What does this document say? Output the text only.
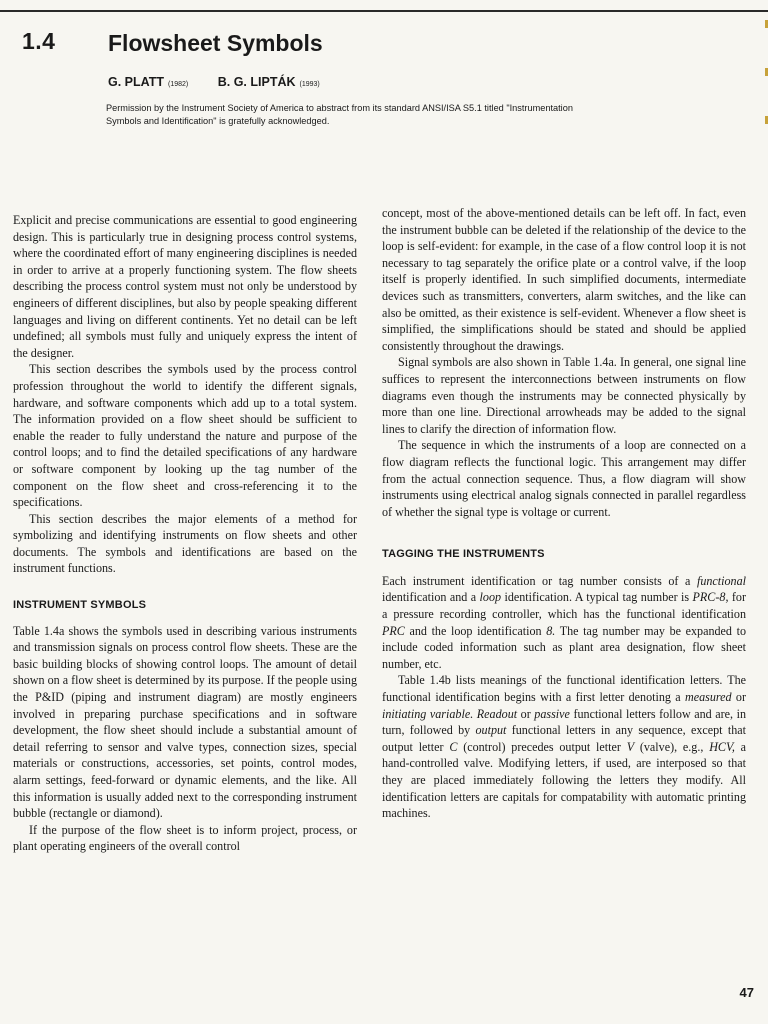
1.4 Flowsheet Symbols
G. PLATT (1982) B. G. LIPTÁK (1993)
Permission by the Instrument Society of America to abstract from its standard ANSI/ISA S5.1 titled "Instrumentation Symbols and Identification" is gratefully acknowledged.

Explicit and precise communications are essential to good engineering design. This is particularly true in designing process control systems, where the coordinated effort of many engineering disciplines is needed in order to arrive at a properly functioning system. The flow sheets describing the process control system must not only be understood by engineers of different disciplines, but also by people speaking different languages and living on different continents. Yet no detail can be left undefined; all symbols must fully and uniquely express the intent of the designer.

This section describes the symbols used by the process control profession throughout the world to identify the different signals, hardware, and software components which add up to a total system. The information provided on a flow sheet should be sufficient to enable the reader to fully understand the nature and purpose of the control loops; and to find the detailed specifications of any hardware or software component by looking up the tag number of the component on the flow sheet and cross-referencing it to the specifications.

This section describes the major elements of a method for symbolizing and identifying instruments on flow sheets and other documents. The symbols and identifications are based on the instrument functions.

INSTRUMENT SYMBOLS

Table 1.4a shows the symbols used in describing various instruments and transmission signals on process control flow sheets. These are the basic building blocks of showing control loops. The amount of detail shown on a flow sheet is determined by its purpose. If the people using the P&ID (piping and instrument diagram) are mostly engineers involved in preparing purchase specifications and in software development, the flow sheet should include a substantial amount of detail referring to sensor and valve types, connection sizes, special materials or constructions, accessories, set points, control modes, alarm settings, feed-forward or dynamic elements, and the like. All this information is usually added next to the corresponding instrument bubble (rectangle or diamond).

If the purpose of the flow sheet is to inform project, process, or plant operating engineers of the overall control

concept, most of the above-mentioned details can be left off. In fact, even the instrument bubble can be deleted if the relationship of the device to the loop is self-evident: for example, in the case of a flow control loop it is not necessary to tag separately the orifice plate or a control valve, if the loop itself is properly identified. In such simplified documents, intermediate devices such as transmitters, converters, alarm switches, and the like can also be omitted, as their existence is self-evident. Whenever a flow sheet is simplified, the simplifications should be stated and should be applied consistently throughout the drawings.

Signal symbols are also shown in Table 1.4a. In general, one signal line suffices to represent the interconnections between instruments on flow diagrams even though the instruments may be connected physically by more than one line. Directional arrowheads may be added to the signal lines to clarify the direction of information flow.

The sequence in which the instruments of a loop are connected on a flow diagram reflects the functional logic. This arrangement may differ from the actual connection sequence. Thus, a flow diagram will show instruments using electrical analog signals connected in parallel regardless of whether the signal type is voltage or current.

TAGGING THE INSTRUMENTS

Each instrument identification or tag number consists of a functional identification and a loop identification. A typical tag number is PRC-8, for a pressure recording controller, which has the functional identification PRC and the loop identification 8. The tag number may be expanded to include coded information such as plant area designation, flow sheet number, etc.

Table 1.4b lists meanings of the functional identification letters. The functional identification begins with a first letter denoting a measured or initiating variable. Readout or passive functional letters follow and are, in turn, followed by output functional letters in any sequence, except that output letter C (control) precedes output letter V (valve), e.g., HCV, a hand-controlled valve. Modifying letters, if used, are interposed so that they are placed immediately following the letters they modify. All identification letters are capitals for compatability with automatic printing machines.

47
